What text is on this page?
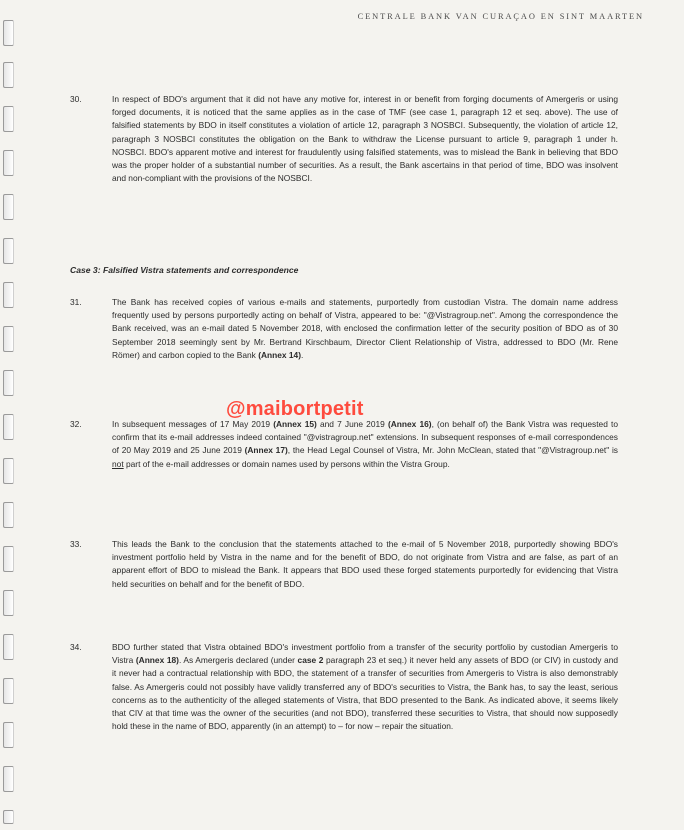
CENTRALE BANK VAN CURAÇAO EN SINT MAARTEN
30.	In respect of BDO's argument that it did not have any motive for, interest in or benefit from forging documents of Amergeris or using forged documents, it is noticed that the same applies as in the case of TMF (see case 1, paragraph 12 et seq. above). The use of falsified statements by BDO in itself constitutes a violation of article 12, paragraph 3 NOSBCI. Subsequently, the violation of article 12, paragraph 3 NOSBCI constitutes the obligation on the Bank to withdraw the License pursuant to article 9, paragraph 1 under h. NOSBCI. BDO's apparent motive and interest for fraudulently using falsified statements, was to mislead the Bank in believing that BDO was the proper holder of a substantial number of securities. As a result, the Bank ascertains in that period of time, BDO was insolvent and non-compliant with the provisions of the NOSBCI.
Case 3: Falsified Vistra statements and correspondence
31.	The Bank has received copies of various e-mails and statements, purportedly from custodian Vistra. The domain name address frequently used by persons purportedly acting on behalf of Vistra, appeared to be: "@Vistragroup.net". Among the correspondence the Bank received, was an e-mail dated 5 November 2018, with enclosed the confirmation letter of the security position of BDO as of 30 September 2018 seemingly sent by Mr. Bertrand Kirschbaum, Director Client Relationship of Vistra, addressed to BDO (Mr. Rene Römer) and carbon copied to the Bank (Annex 14).
32.	In subsequent messages of 17 May 2019 (Annex 15) and 7 June 2019 (Annex 16), (on behalf of) the Bank Vistra was requested to confirm that its e-mail addresses indeed contained "@vistragroup.net" extensions. In subsequent responses of e-mail correspondences of 20 May 2019 and 25 June 2019 (Annex 17), the Head Legal Counsel of Vistra, Mr. John McClean, stated that "@Vistragroup.net" is not part of the e-mail addresses or domain names used by persons within the Vistra Group.
33.	This leads the Bank to the conclusion that the statements attached to the e-mail of 5 November 2018, purportedly showing BDO's investment portfolio held by Vistra in the name and for the benefit of BDO, do not originate from Vistra and are false, as part of an apparent effort of BDO to mislead the Bank. It appears that BDO used these forged statements purportedly for evidencing that Vistra held securities on behalf and for the benefit of BDO.
34.	BDO further stated that Vistra obtained BDO's investment portfolio from a transfer of the security portfolio by custodian Amergeris to Vistra (Annex 18). As Amergeris declared (under case 2 paragraph 23 et seq.) it never held any assets of BDO (or CIV) in custody and it never had a contractual relationship with BDO, the statement of a transfer of securities from Amergeris to Vistra is also demonstrably false. As Amergeris could not possibly have validly transferred any of BDO's securities to Vistra, the Bank has, to say the least, serious concerns as to the authenticity of the alleged statements of Vistra, that BDO presented to the Bank. As indicated above, it seems likely that CIV at that time was the owner of the securities (and not BDO), transferred these securities to Vistra, that should now supposedly hold these in the name of BDO, apparently (in an attempt) to – for now – repair the situation.
@maibortpetit
